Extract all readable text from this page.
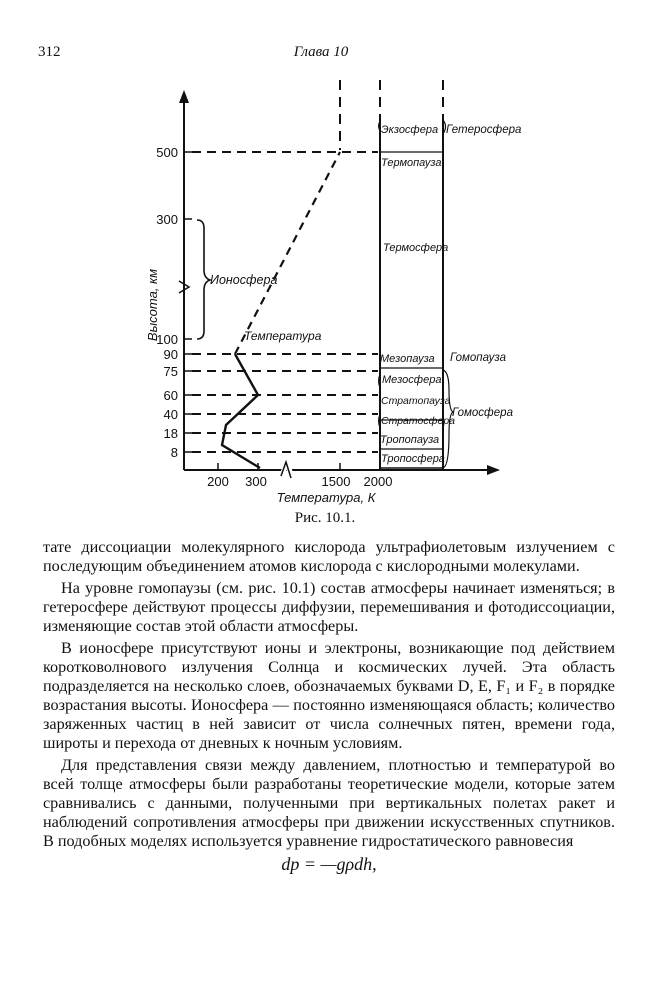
312	Глава 10
500
300
100
90
75
60
40
18
8
Высота, км
200 300	1500 2000
Температура, К
Ионосфера
Температура
Экзосфера
Термопауза
Термосфера
Мезопауза
Мезосфера
Стратопауза
Стратосфера
Тропопауза
Тропосфера
Гетеросфера
Гомопауза
Гомосфера
Рис. 10.1.

тате диссоциации молекулярного кислорода ультрафиолетовым излучением с последующим объединением атомов кислорода с кислородными молекулами.

На уровне гомопаузы (см. рис. 10.1) состав атмосферы начинает изменяться; в гетеросфере действуют процессы диффузии, перемешивания и фотодиссоциации, изменяющие состав этой области атмосферы.

В ионосфере присутствуют ионы и электроны, возникающие под действием коротковолнового излучения Солнца и космических лучей. Эта область подразделяется на несколько слоев, обозначаемых буквами D, E, F₁ и F₂ в порядке возрастания высоты. Ионосфера — постоянно изменяющаяся область; количество заряженных частиц в ней зависит от числа солнечных пятен, времени года, широты и перехода от дневных к ночным условиям.

Для представления связи между давлением, плотностью и температурой во всей толще атмосферы были разработаны теоретические модели, которые затем сравнивались с данными, полученными при вертикальных полетах ракет и наблюдений сопротивления атмосферы при движении искусственных спутников. В подобных моделях используется уравнение гидростатического равновесия

dp = —gρdh,
